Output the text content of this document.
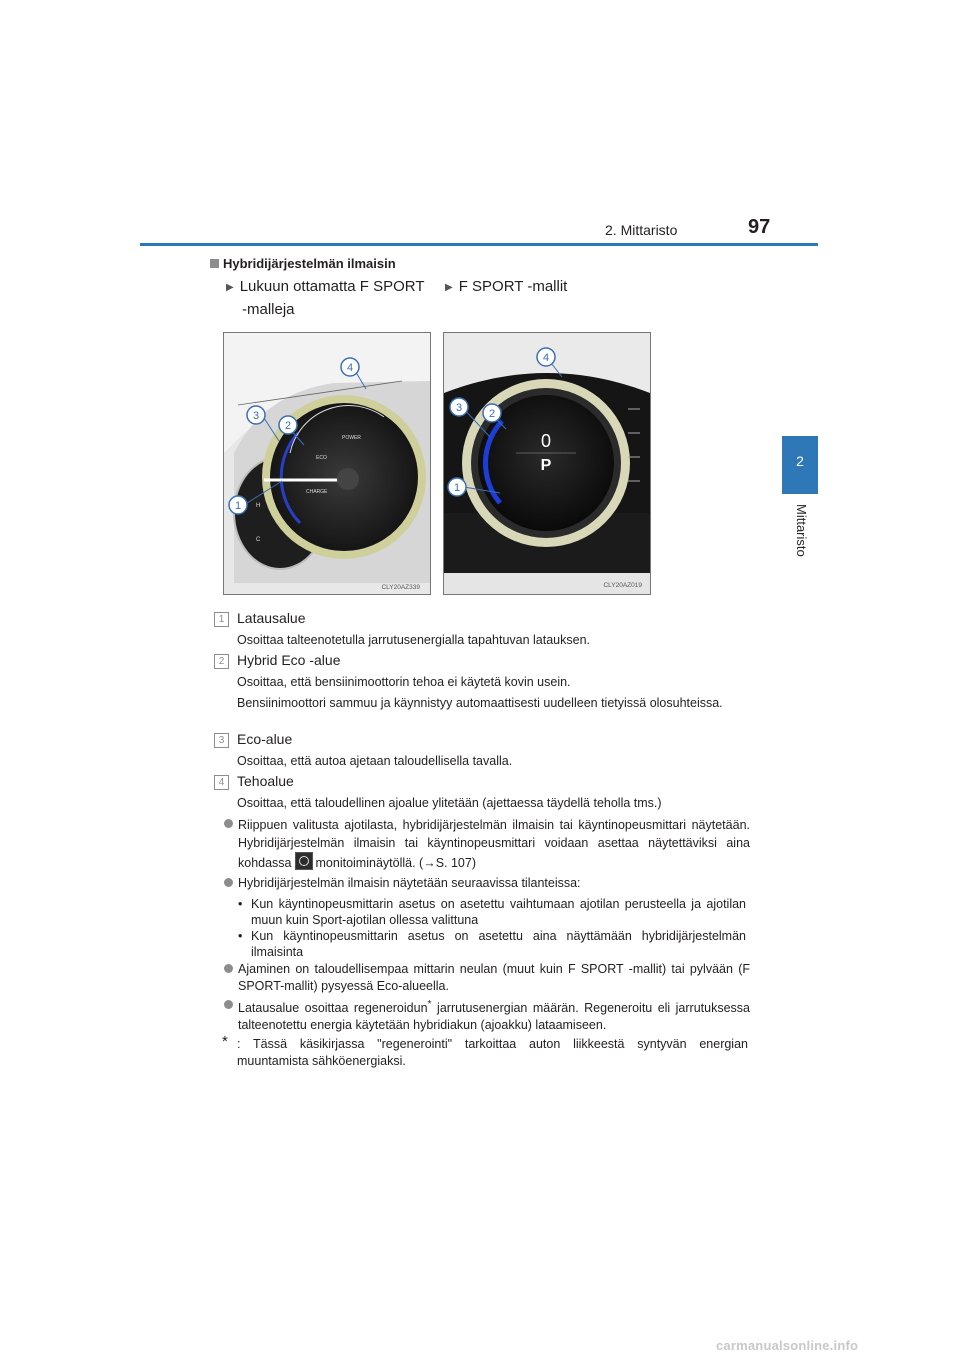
2. Mittaristo	97
2
Mittaristo
Hybridijärjestelmän ilmaisin
▶ Lukuun ottamatta F SPORT
-malleja
▶ F SPORT -mallit
POWER
ECO
CHARGE
H
C
1
2
3
4
CLY20AZ339
0
P
1
2
3
4
CLY20AZ019
1 Latausalue
Osoittaa talteenotetulla jarrutusenergialla tapahtuvan latauksen.
2 Hybrid Eco -alue
Osoittaa, että bensiinimoottorin tehoa ei käytetä kovin usein.
Bensiinimoottori sammuu ja käynnistyy automaattisesti uudelleen tietyissä olosuhteissa.
3 Eco-alue
Osoittaa, että autoa ajetaan taloudellisella tavalla.
4 Tehoalue
Osoittaa, että taloudellinen ajoalue ylitetään (ajettaessa täydellä teholla tms.)
Riippuen valitusta ajotilasta, hybridijärjestelmän ilmaisin tai käyntinopeusmittari näytetään. Hybridijärjestelmän ilmaisin tai käyntinopeusmittari voidaan asettaa näytettäviksi aina kohdassa monitoiminäytöllä. (→S. 107)
Hybridijärjestelmän ilmaisin näytetään seuraavissa tilanteissa:
• Kun käyntinopeusmittarin asetus on asetettu vaihtumaan ajotilan perusteella ja ajotilan muun kuin Sport-ajotilan ollessa valittuna
• Kun käyntinopeusmittarin asetus on asetettu aina näyttämään hybridijärjestelmän ilmaisinta
Ajaminen on taloudellisempaa mittarin neulan (muut kuin F SPORT -mallit) tai pylvään (F SPORT-mallit) pysyessä Eco-alueella.
Latausalue osoittaa regeneroidun* jarrutusenergian määrän. Regeneroitu eli jarrutuksessa talteenotettu energia käytetään hybridiakun (ajoakku) lataamiseen.
* : Tässä käsikirjassa "regenerointi" tarkoittaa auton liikkeestä syntyvän energian muuntamista sähköenergiaksi.
carmanualsonline.info
